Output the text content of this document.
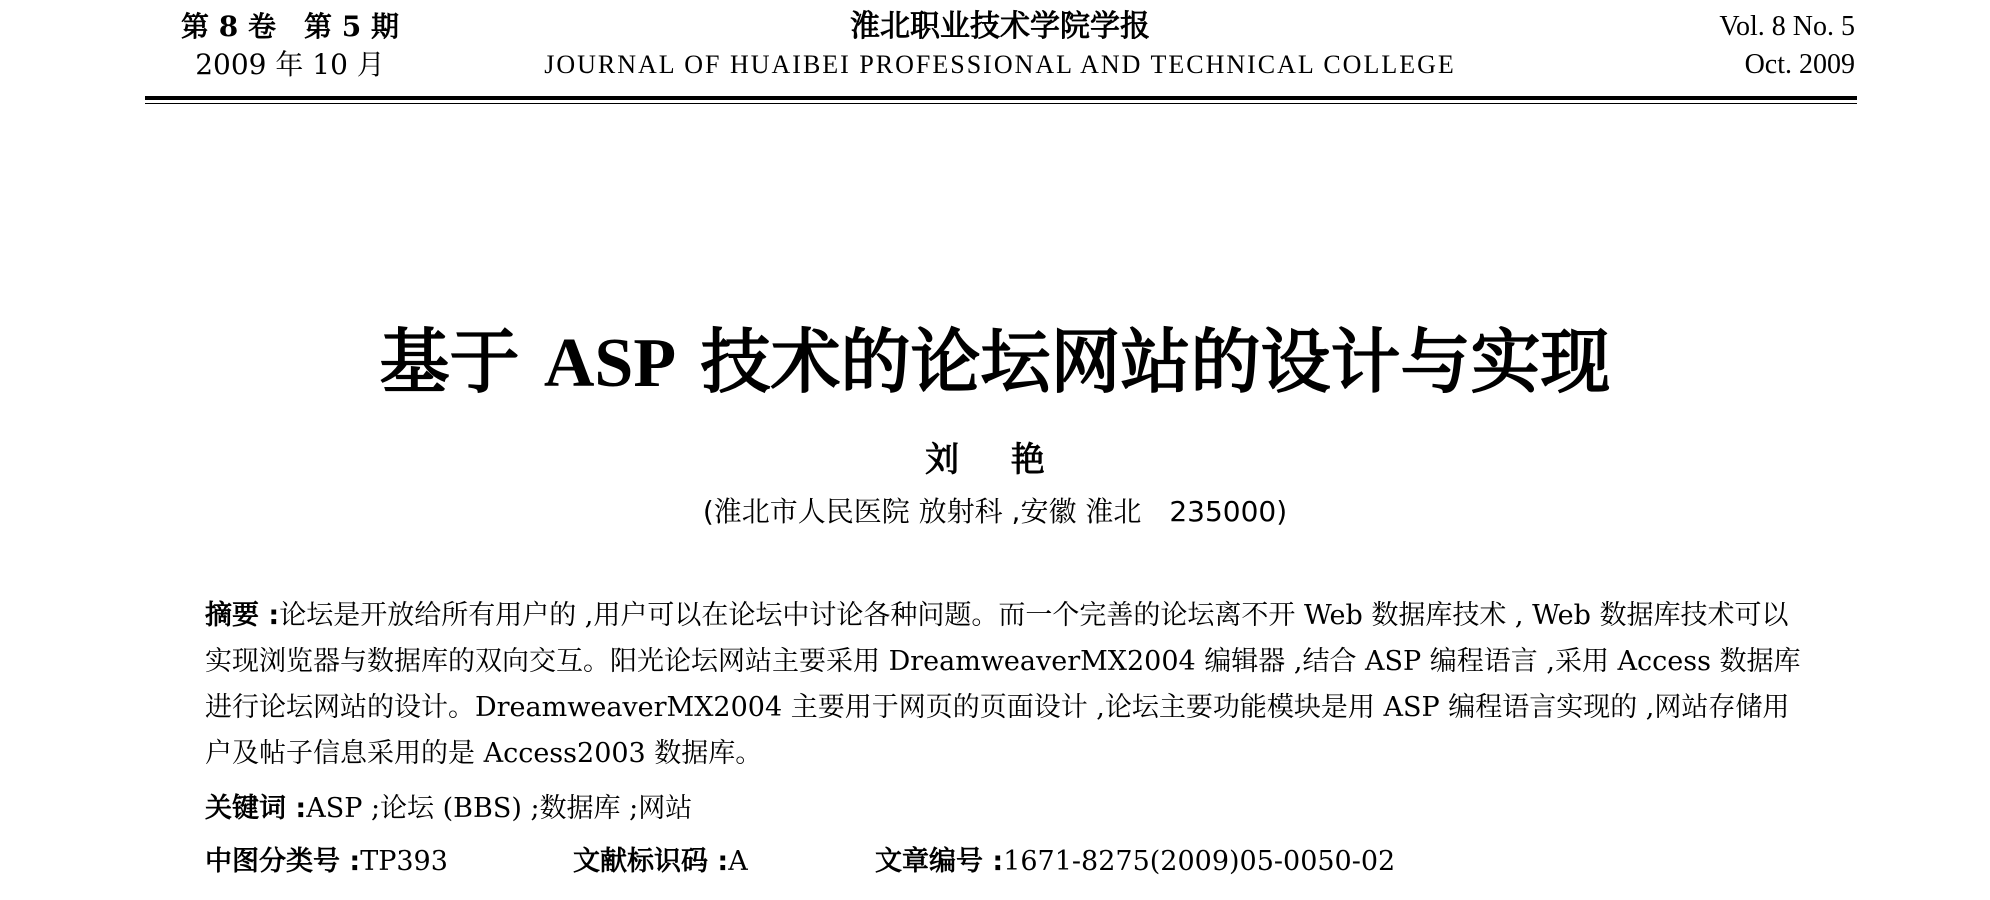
第 8 卷　第 5 期
2009 年 10 月
淮北职业技术学院学报
JOURNAL OF HUAIBEI PROFESSIONAL AND TECHNICAL COLLEGE
Vol. 8 No. 5
Oct. 2009
基于 ASP 技术的论坛网站的设计与实现
刘 艳
(淮北市人民医院 放射科 ,安徽 淮北　235000)
摘要 :论坛是开放给所有用户的 ,用户可以在论坛中讨论各种问题。而一个完善的论坛离不开 Web 数据库技术 , Web 数据库技术可以实现浏览器与数据库的双向交互。阳光论坛网站主要采用 DreamweaverMX2004 编辑器 ,结合 ASP 编程语言 ,采用 Access 数据库进行论坛网站的设计。DreamweaverMX2004 主要用于网页的页面设计 ,论坛主要功能模块是用 ASP 编程语言实现的 ,网站存储用户及帖子信息采用的是 Access2003 数据库。
关键词 :ASP ;论坛 (BBS) ;数据库 ;网站
中图分类号 :TP393	文献标识码 :A	文章编号 :1671-8275(2009)05-0050-02
